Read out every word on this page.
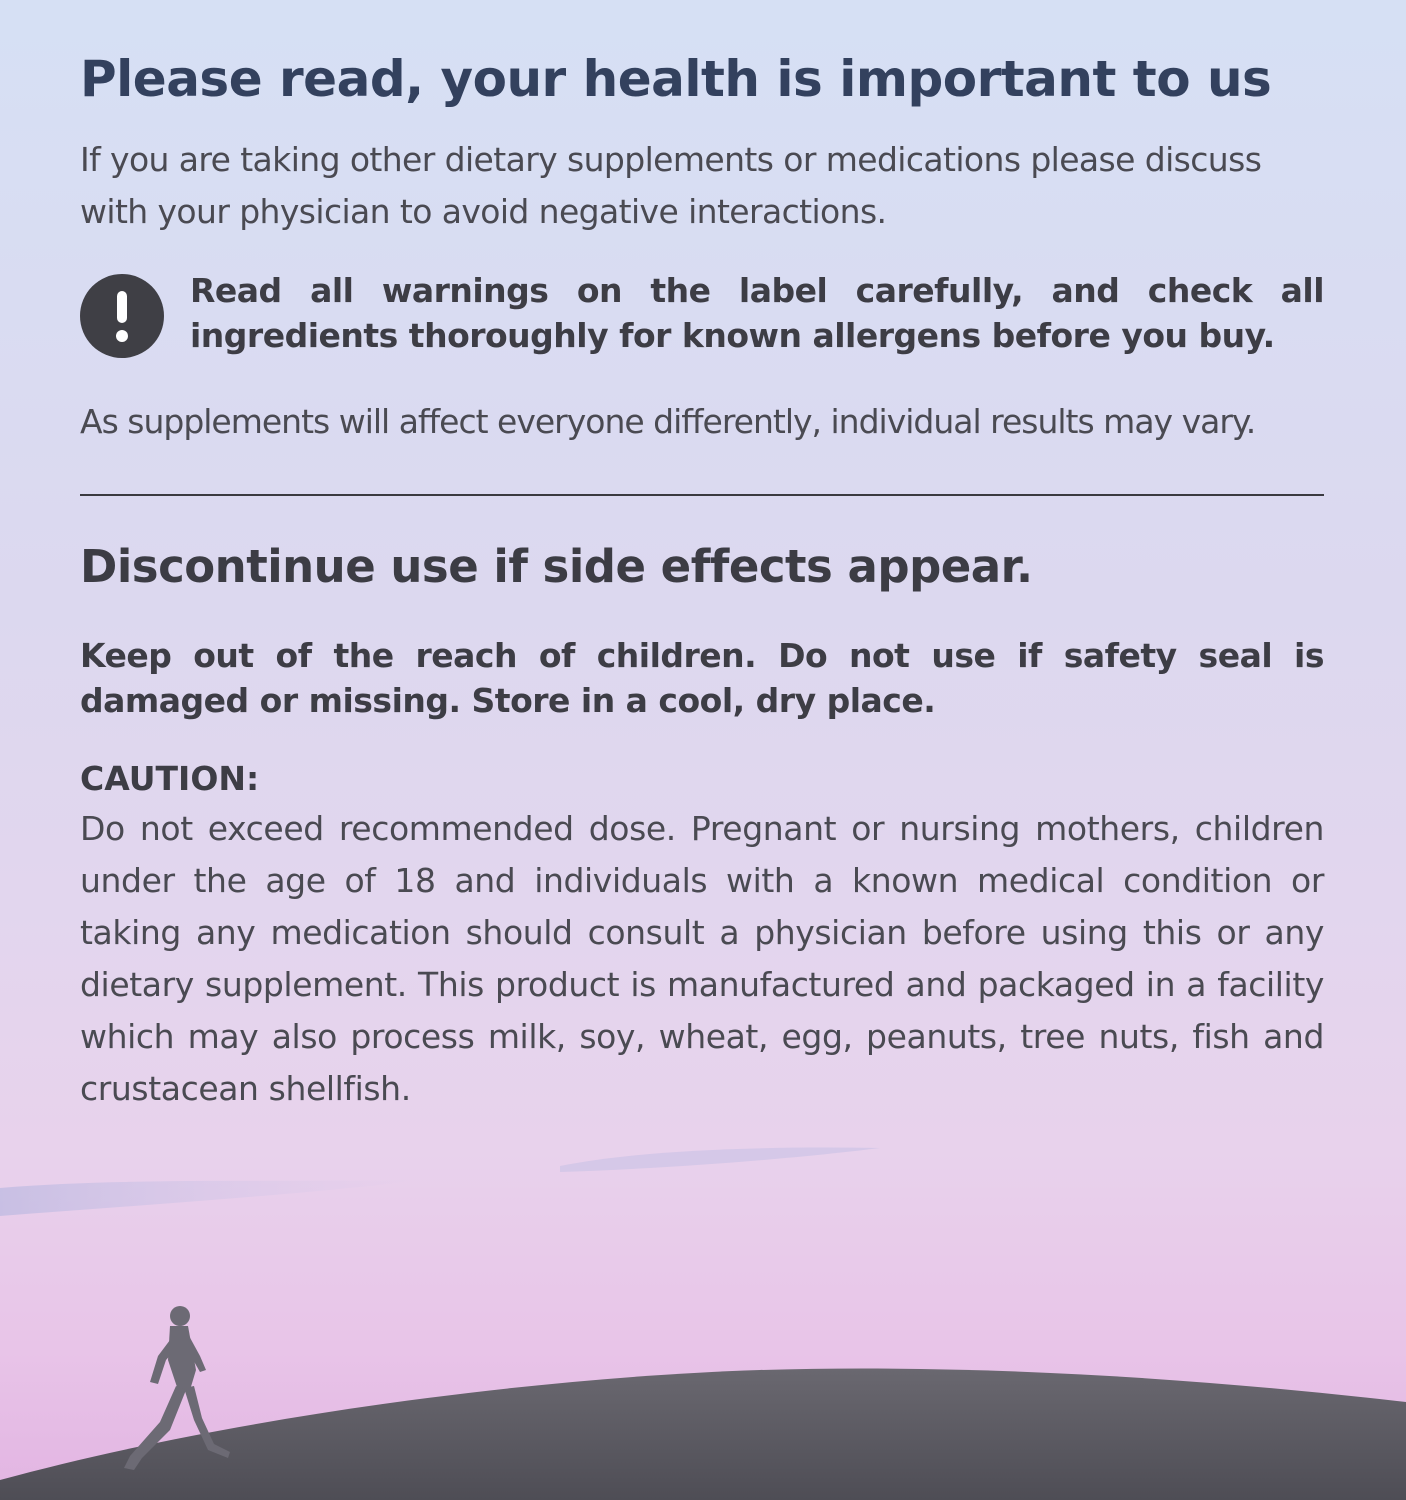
Please read, your health is important to us

If you are taking other dietary supplements or medications please discuss with your physician to avoid negative interactions.

Read all warnings on the label carefully, and check all ingredients thoroughly for known allergens before you buy.

As supplements will affect everyone differently, individual results may vary.

Discontinue use if side effects appear.

Keep out of the reach of children. Do not use if safety seal is damaged or missing. Store in a cool, dry place.

CAUTION:

Do not exceed recommended dose. Pregnant or nursing mothers, children under the age of 18 and individuals with a known medical condition or taking any medication should consult a physician before using this or any dietary supplement. This product is manufactured and packaged in a facility which may also process milk, soy, wheat, egg, peanuts, tree nuts, fish and crustacean shellfish.
